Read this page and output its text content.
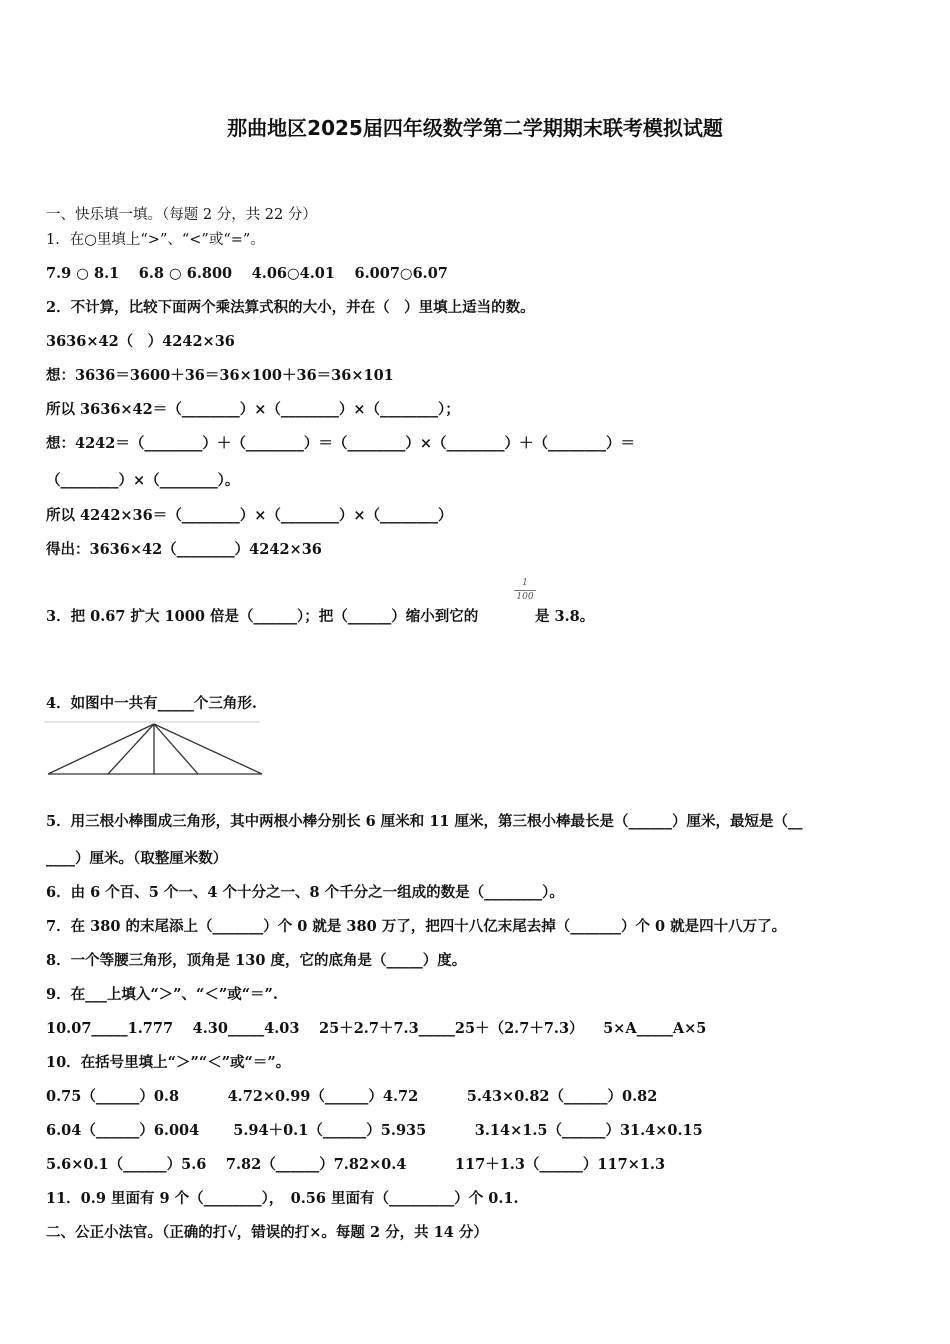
那曲地区2025届四年级数学第二学期期末联考模拟试题
一、快乐填一填。（每题 2 分，共 22 分）
1．在○里填上“>”、“<”或“=”。
7.9 ○ 8.1 　6.8 ○ 6.800 　4.06○4.01 　6.007○6.07
2．不计算，比较下面两个乘法算式积的大小，并在（　）里填上适当的数。
3636×42（　）4242×36
想：3636＝3600＋36＝36×100＋36＝36×101
所以 3636×42＝（________）×（________）×（________）；
想：4242＝（________）＋（________）＝（________）×（________）＋（________）＝
（________）×（________）。
所以 4242×36＝（________）×（________）×（________）
得出：3636×42（________）4242×36
3．把 0.67 扩大 1000 倍是（______）；把（______）缩小到它的
1
100
是 3.8。
4．如图中一共有_____个三角形.
5．用三根小棒围成三角形，其中两根小棒分别长 6 厘米和 11 厘米，第三根小棒最长是（______）厘米，最短是（__
____）厘米。（取整厘米数）
6．由 6 个百、5 个一、4 个十分之一、8 个千分之一组成的数是（________）。
7．在 380 的末尾添上（_______）个 0 就是 380 万了，把四十八亿末尾去掉（_______）个 0 就是四十八万了。
8．一个等腰三角形，顶角是 130 度，它的底角是（_____）度。
9．在___上填入“＞”、“＜”或“＝”.
10.07_____1.777 　4.30_____4.03 　25＋2.7＋7.3_____25＋（2.7＋7.3） 　5×A_____A×5
10．在括号里填上“＞”“＜”或“＝”。
0.75（______）0.8 　　　4.72×0.99（______）4.72 　　　5.43×0.82（______）0.82
6.04（______）6.004 　　5.94＋0.1（______）5.935 　　　3.14×1.5（______）31.4×0.15
5.6×0.1（______）5.6 　7.82（______）7.82×0.4 　　　117＋1.3（______）117×1.3
11．0.9 里面有 9 个（________），　0.56 里面有（_________）个 0.1.
二、公正小法官。（正确的打√，错误的打×。每题 2 分，共 14 分）
